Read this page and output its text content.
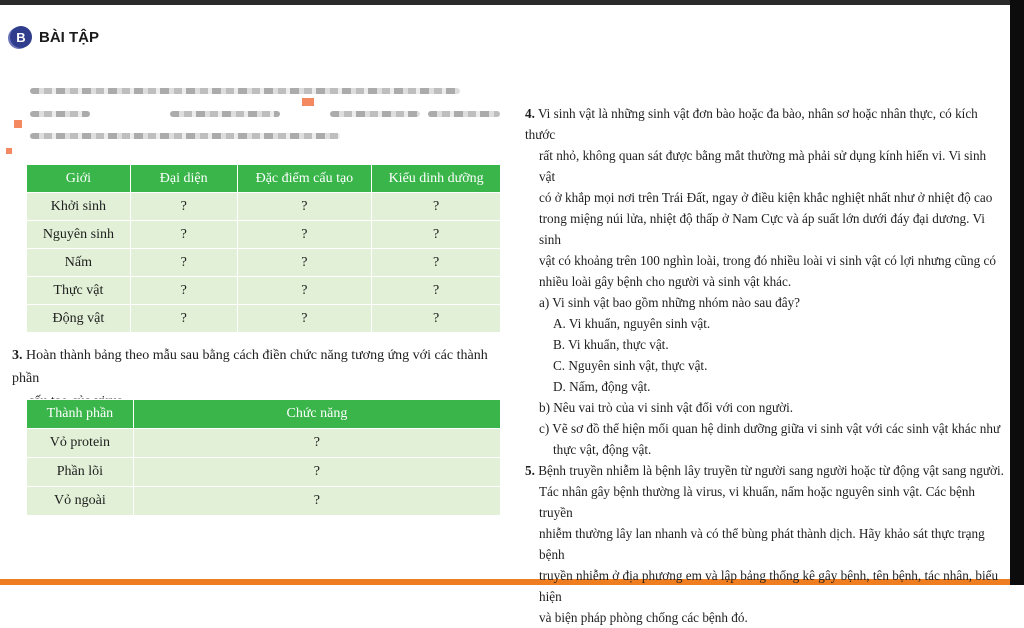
B BÀI TẬP
Giới	Đại diện	Đặc điểm cấu tạo	Kiểu dinh dưỡng
Khởi sinh	?	?	?
Nguyên sinh	?	?	?
Nấm	?	?	?
Thực vật	?	?	?
Động vật	?	?	?
3. Hoàn thành bảng theo mẫu sau bằng cách điền chức năng tương ứng với các thành phần
Thành phần	Chức năng
Vỏ protein	?
Phần lõi	?
Vỏ ngoài	?

4. Vi sinh vật là những sinh vật đơn bào hoặc đa bào, nhân sơ hoặc nhân thực, có kích thước

rất nhỏ, không quan sát được bằng mắt thường mà phải sử dụng kính hiển vi. Vi sinh vật

có ở khắp mọi nơi trên Trái Đất, ngay ở điều kiện khắc nghiệt nhất như ở nhiệt độ cao

trong miệng núi lửa, nhiệt độ thấp ở Nam Cực và áp suất lớn dưới đáy đại dương. Vi sinh

vật có khoảng trên 100 nghìn loài, trong đó nhiều loài vi sinh vật có lợi nhưng cũng có

nhiều loài gây bệnh cho người và sinh vật khác.

a) Vi sinh vật bao gồm những nhóm nào sau đây?

A. Vi khuẩn, nguyên sinh vật.

B. Vi khuẩn, thực vật.

C. Nguyên sinh vật, thực vật.

D. Nấm, động vật.

b) Nêu vai trò của vi sinh vật đối với con người.

c) Vẽ sơ đồ thể hiện mối quan hệ dinh dưỡng giữa vi sinh vật với các sinh vật khác như

thực vật, động vật.

5. Bệnh truyền nhiễm là bệnh lây truyền từ người sang người hoặc từ động vật sang người.

Tác nhân gây bệnh thường là virus, vi khuẩn, nấm hoặc nguyên sinh vật. Các bệnh truyền

nhiễm thường lây lan nhanh và có thể bùng phát thành dịch. Hãy khảo sát thực trạng bệnh

truyền nhiễm ở địa phương em và lập bảng thống kê gây bệnh, tên bệnh, tác nhân, biểu hiện

và biện pháp phòng chống các bệnh đó.
